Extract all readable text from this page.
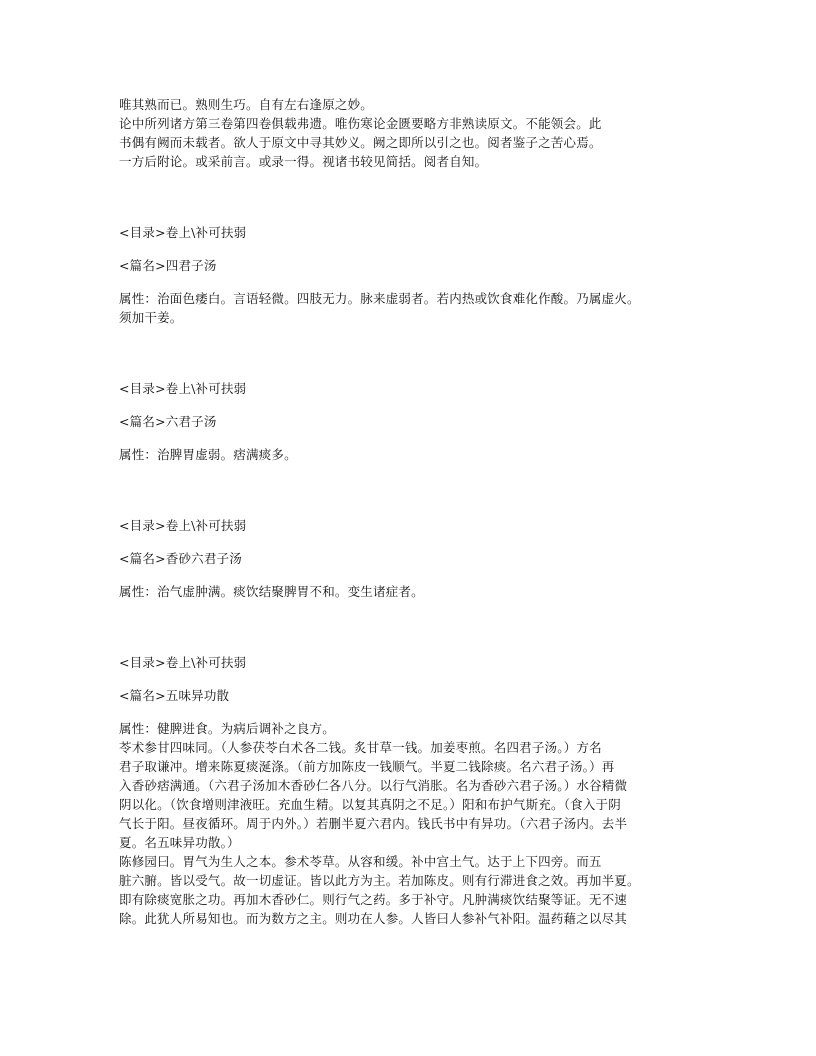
唯其熟而已。熟则生巧。自有左右逢原之妙。
论中所列诸方第三卷第四卷俱载弗遗。唯伤寒论金匮要略方非熟读原文。不能领会。此
书偶有阙而未载者。欲人于原文中寻其妙义。阙之即所以引之也。阅者鉴子之苦心焉。
一方后附论。或采前言。或录一得。视诸书较见简括。阅者自知。
<目录>卷上\补可扶弱
<篇名>四君子汤
属性：治面色痿白。言语轻微。四肢无力。脉来虚弱者。若内热或饮食难化作酸。乃属虚火。
须加干姜。
<目录>卷上\补可扶弱
<篇名>六君子汤
属性：治脾胃虚弱。痞满痰多。
<目录>卷上\补可扶弱
<篇名>香砂六君子汤
属性：治气虚肿满。痰饮结聚脾胃不和。变生诸症者。
<目录>卷上\补可扶弱
<篇名>五味异功散
属性：健脾进食。为病后调补之良方。
苓术参甘四味同。（人参茯苓白术各二钱。炙甘草一钱。加姜枣煎。名四君子汤。）方名
君子取谦冲。增来陈夏痰涎涤。（前方加陈皮一钱顺气。半夏二钱除痰。名六君子汤。）再
入香砂痞满通。（六君子汤加木香砂仁各八分。以行气消胀。名为香砂六君子汤。）水谷精微
阴以化。（饮食增则津液旺。充血生精。以复其真阴之不足。）阳和布护气斯充。（食入于阴
气长于阳。昼夜循环。周于内外。）若删半夏六君内。钱氏书中有异功。（六君子汤内。去半
夏。名五味异功散。）
陈修园曰。胃气为生人之本。参术苓草。从容和缓。补中宫土气。达于上下四旁。而五
脏六腑。皆以受气。故一切虚证。皆以此方为主。若加陈皮。则有行滞进食之效。再加半夏。
即有除痰宽胀之功。再加木香砂仁。则行气之药。多于补守。凡肿满痰饮结聚等证。无不速
除。此犹人所易知也。而为数方之主。则功在人参。人皆曰人参补气补阳。温药藉之以尽其
